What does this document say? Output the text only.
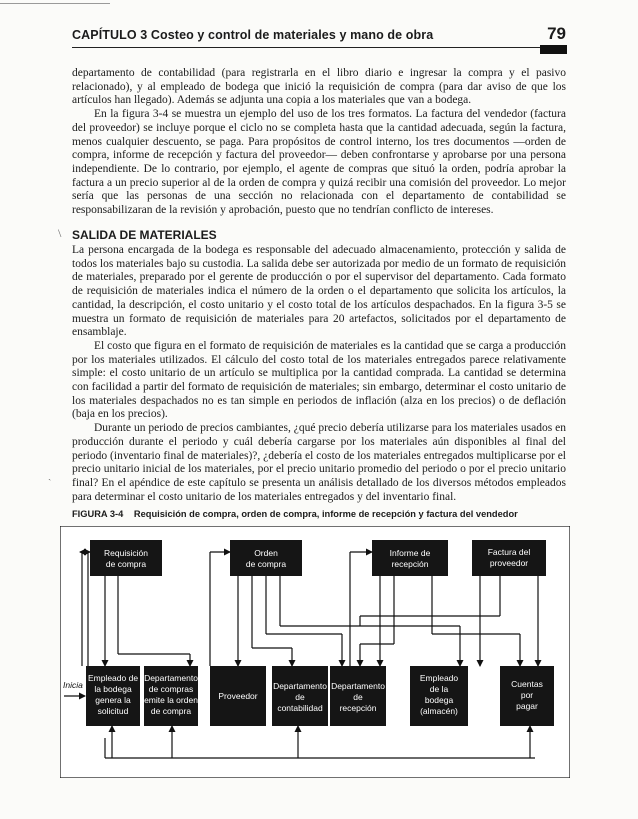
CAPÍTULO 3 Costeo y control de materiales y mano de obra	79

departamento de contabilidad (para registrarla en el libro diario e ingresar la compra y el pasivo relacionado), y al empleado de bodega que inició la requisición de compra (para dar aviso de que los artículos han llegado). Además se adjunta una copia a los materiales que van a bodega.

En la figura 3-4 se muestra un ejemplo del uso de los tres formatos. La factura del vendedor (factura del proveedor) se incluye porque el ciclo no se completa hasta que la cantidad adecuada, según la factura, menos cualquier descuento, se paga. Para propósitos de control interno, los tres documentos —orden de compra, informe de recepción y factura del proveedor— deben confrontarse y aprobarse por una persona independiente. De lo contrario, por ejemplo, el agente de compras que situó la orden, podría aprobar la factura a un precio superior al de la orden de compra y quizá recibir una comisión del proveedor. Lo mejor sería que las personas de una sección no relacionada con el departamento de contabilidad se responsabilizaran de la revisión y aprobación, puesto que no tendrían conflicto de intereses.

\ SALIDA DE MATERIALES

La persona encargada de la bodega es responsable del adecuado almacenamiento, protección y salida de todos los materiales bajo su custodia. La salida debe ser autorizada por medio de un formato de requisición de materiales, preparado por el gerente de producción o por el supervisor del departamento. Cada formato de requisición de materiales indica el número de la orden o el departamento que solicita los artículos, la cantidad, la descripción, el costo unitario y el costo total de los artículos despachados. En la figura 3-5 se muestra un formato de requisición de materiales para 20 artefactos, solicitados por el departamento de ensamblaje.

El costo que figura en el formato de requisición de materiales es la cantidad que se carga a producción por los materiales utilizados. El cálculo del costo total de los materiales entregados parece relativamente simple: el costo unitario de un artículo se multiplica por la cantidad comprada. La cantidad se determina con facilidad a partir del formato de requisición de materiales; sin embargo, determinar el costo unitario de los materiales despachados no es tan simple en periodos de inflación (alza en los precios) o de deflación (baja en los precios).

Durante un periodo de precios cambiantes, ¿qué precio debería utilizarse para los materiales usados en producción durante el periodo y cuál debería cargarse por los materiales aún disponibles al final del periodo (inventario final de materiales)?, ¿debería el costo de los materiales entregados multiplicarse por el precio unitario inicial de los materiales, por el precio unitario promedio del periodo o por el precio unitario final? En el apéndice de este capítulo se presenta un análisis detallado de los diversos métodos empleados para determinar el costo unitario de los materiales entregados y del inventario final.

ˏ
FIGURA 3-4 Requisición de compra, orden de compra, informe de recepción y factura del vendedor
Requisición
de compra
Orden
de compra
Informe de
recepción
Factura del
proveedor
Inicia
Empleado de
la bodega
genera la
solicitud
Departamento
de compras
emite la orden
de compra
Proveedor
Departamento
de
contabilidad
Departamento
de
recepción
Empleado
de la
bodega
(almacén)
Cuentas
por
pagar
